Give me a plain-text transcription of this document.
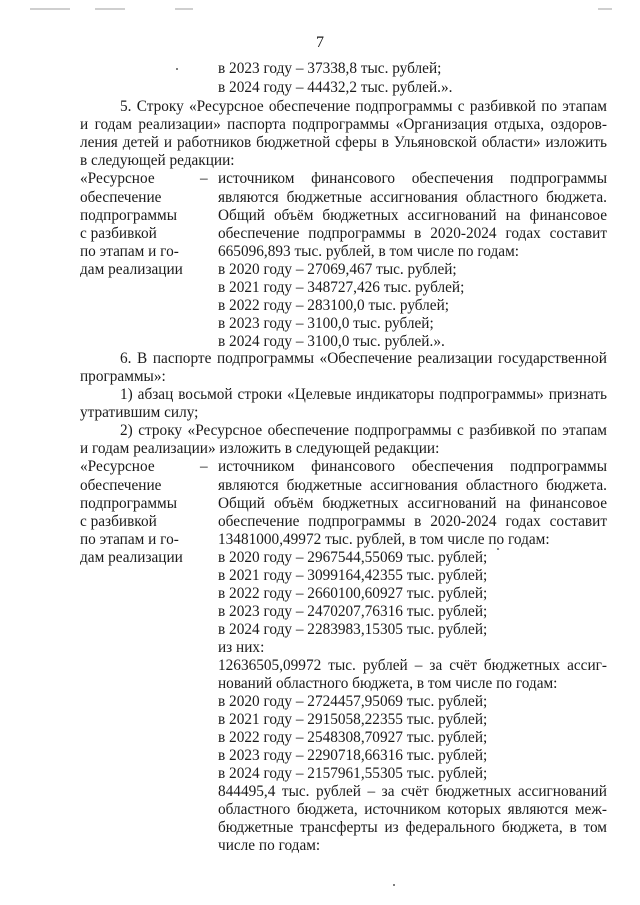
7
в 2023 году – 37338,8 тыс. рублей;
в 2024 году – 44432,2 тыс. рублей.».
5. Строку «Ресурсное обеспечение подпрограммы с разбивкой по этапам
и годам реализации» паспорта подпрограммы «Организация отдыха, оздоров-
ления детей и работников бюджетной сферы в Ульяновской области» изложить
в следующей редакции:
«Ресурсное
обеспечение
подпрограммы
с разбивкой
по этапам и го-
дам реализации
– источником финансового обеспечения подпрограммы
являются бюджетные ассигнования областного бюджета.
Общий объём бюджетных ассигнований на финансовое
обеспечение подпрограммы в 2020-2024 годах составит
665096,893 тыс. рублей, в том числе по годам:
в 2020 году – 27069,467 тыс. рублей;
в 2021 году – 348727,426 тыс. рублей;
в 2022 году – 283100,0 тыс. рублей;
в 2023 году – 3100,0 тыс. рублей;
в 2024 году – 3100,0 тыс. рублей.».
6. В паспорте подпрограммы «Обеспечение реализации государственной
программы»:
1) абзац восьмой строки «Целевые индикаторы подпрограммы» признать
утратившим силу;
2) строку «Ресурсное обеспечение подпрограммы с разбивкой по этапам
и годам реализации» изложить в следующей редакции:
«Ресурсное
обеспечение
подпрограммы
с разбивкой
по этапам и го-
дам реализации
– источником финансового обеспечения подпрограммы
являются бюджетные ассигнования областного бюджета.
Общий объём бюджетных ассигнований на финансовое
обеспечение подпрограммы в 2020-2024 годах составит
13481000,49972 тыс. рублей, в том числе по годам:
в 2020 году – 2967544,55069 тыс. рублей;
в 2021 году – 3099164,42355 тыс. рублей;
в 2022 году – 2660100,60927 тыс. рублей;
в 2023 году – 2470207,76316 тыс. рублей;
в 2024 году – 2283983,15305 тыс. рублей;
из них:
12636505,09972 тыс. рублей – за счёт бюджетных ассиг-
нований областного бюджета, в том числе по годам:
в 2020 году – 2724457,95069 тыс. рублей;
в 2021 году – 2915058,22355 тыс. рублей;
в 2022 году – 2548308,70927 тыс. рублей;
в 2023 году – 2290718,66316 тыс. рублей;
в 2024 году – 2157961,55305 тыс. рублей;
844495,4 тыс. рублей – за счёт бюджетных ассигнований
областного бюджета, источником которых являются меж-
бюджетные трансферты из федерального бюджета, в том
числе по годам:
